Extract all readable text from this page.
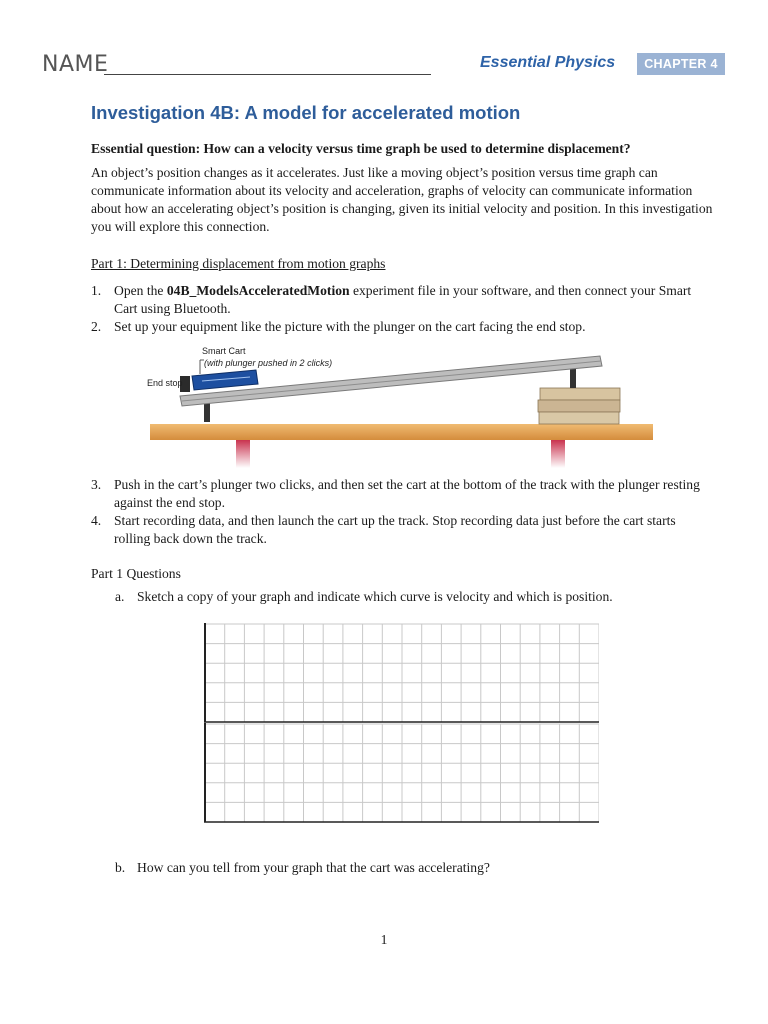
NAME	Essential Physics	CHAPTER 4
Investigation 4B: A model for accelerated motion
Essential question: How can a velocity versus time graph be used to determine displacement?
An object’s position changes as it accelerates. Just like a moving object’s position versus time graph can communicate information about its velocity and acceleration, graphs of velocity can communicate information about how an accelerating object’s position is changing, given its initial velocity and position. In this investigation you will explore this connection.
Part 1: Determining displacement from motion graphs
1. Open the 04B_ModelsAcceleratedMotion experiment file in your software, and then connect your Smart Cart using Bluetooth.
2. Set up your equipment like the picture with the plunger on the cart facing the end stop.
Smart Cart
(with plunger pushed in 2 clicks)
End stop
3. Push in the cart’s plunger two clicks, and then set the cart at the bottom of the track with the plunger resting against the end stop.
4. Start recording data, and then launch the cart up the track. Stop recording data just before the cart starts rolling back down the track.
Part 1 Questions
a. Sketch a copy of your graph and indicate which curve is velocity and which is position.
b. How can you tell from your graph that the cart was accelerating?
1
